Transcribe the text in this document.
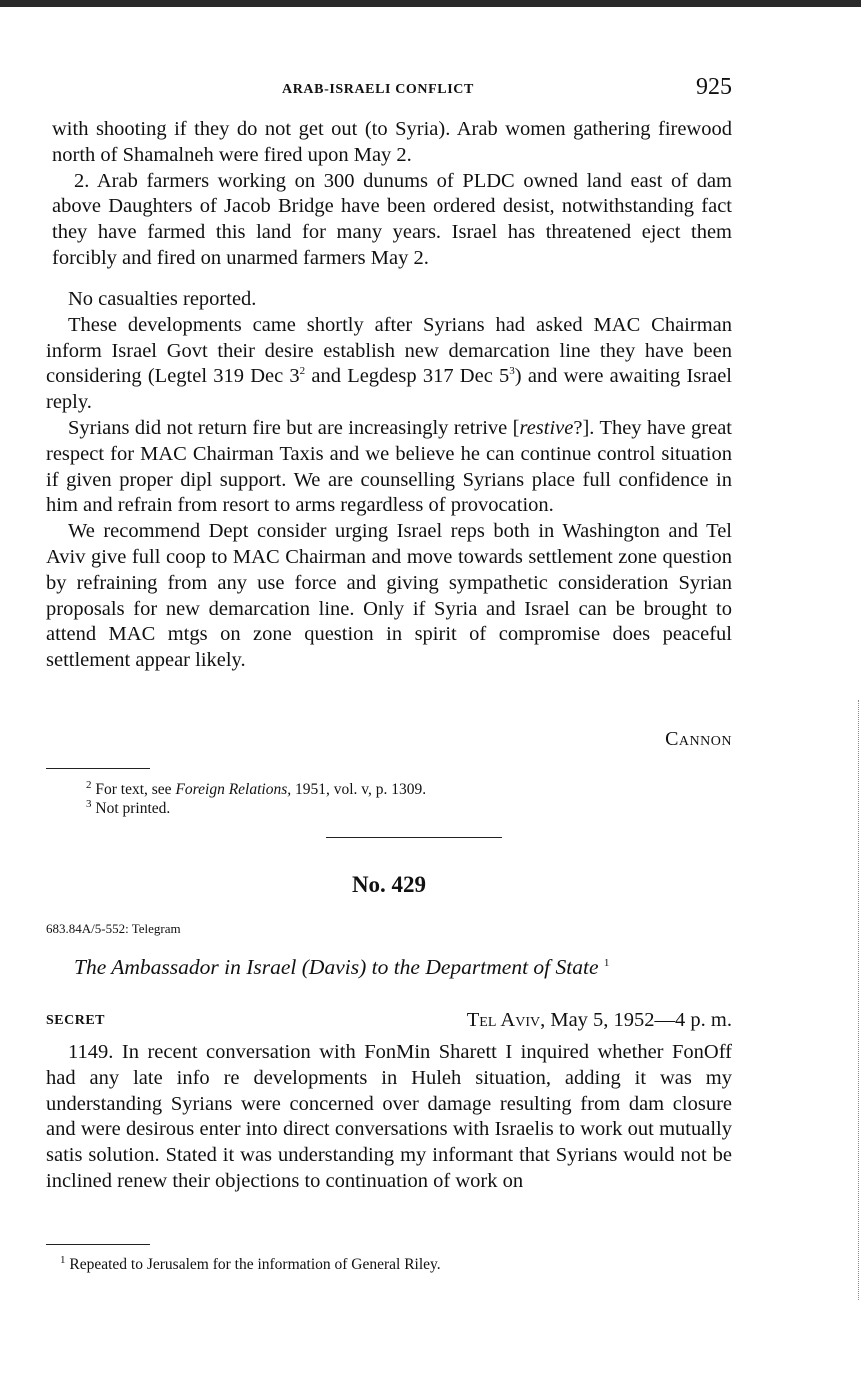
ARAB-ISRAELI CONFLICT	925

with shooting if they do not get out (to Syria). Arab women gathering firewood north of Shamalneh were fired upon May 2.

2. Arab farmers working on 300 dunums of PLDC owned land east of dam above Daughters of Jacob Bridge have been ordered desist, notwithstanding fact they have farmed this land for many years. Israel has threatened eject them forcibly and fired on unarmed farmers May 2.

No casualties reported.

These developments came shortly after Syrians had asked MAC Chairman inform Israel Govt their desire establish new demarcation line they have been considering (Legtel 319 Dec $3^2$ and Legdesp 317 Dec $5^3$) and were awaiting Israel reply.

Syrians did not return fire but are increasingly retrive [restive?]. They have great respect for MAC Chairman Taxis and we believe he can continue control situation if given proper dipl support. We are counselling Syrians place full confidence in him and refrain from resort to arms regardless of provocation.

We recommend Dept consider urging Israel reps both in Washington and Tel Aviv give full coop to MAC Chairman and move towards settlement zone question by refraining from any use force and giving sympathetic consideration Syrian proposals for new demarcation line. Only if Syria and Israel can be brought to attend MAC mtgs on zone question in spirit of compromise does peaceful settlement appear likely.

Cannon
$^2$ For text, see Foreign Relations, 1951, vol. v, p. 1309.
$^3$ Not printed.
No. 429
683.84A/5-552: Telegram
The Ambassador in Israel (Davis) to the Department of State $^1$
SECRET	Tel Aviv, May 5, 1952—4 p. m.

1149. In recent conversation with FonMin Sharett I inquired whether FonOff had any late info re developments in Huleh situation, adding it was my understanding Syrians were concerned over damage resulting from dam closure and were desirous enter into direct conversations with Israelis to work out mutually satis solution. Stated it was understanding my informant that Syrians would not be inclined renew their objections to continuation of work on

$^1$ Repeated to Jerusalem for the information of General Riley.
